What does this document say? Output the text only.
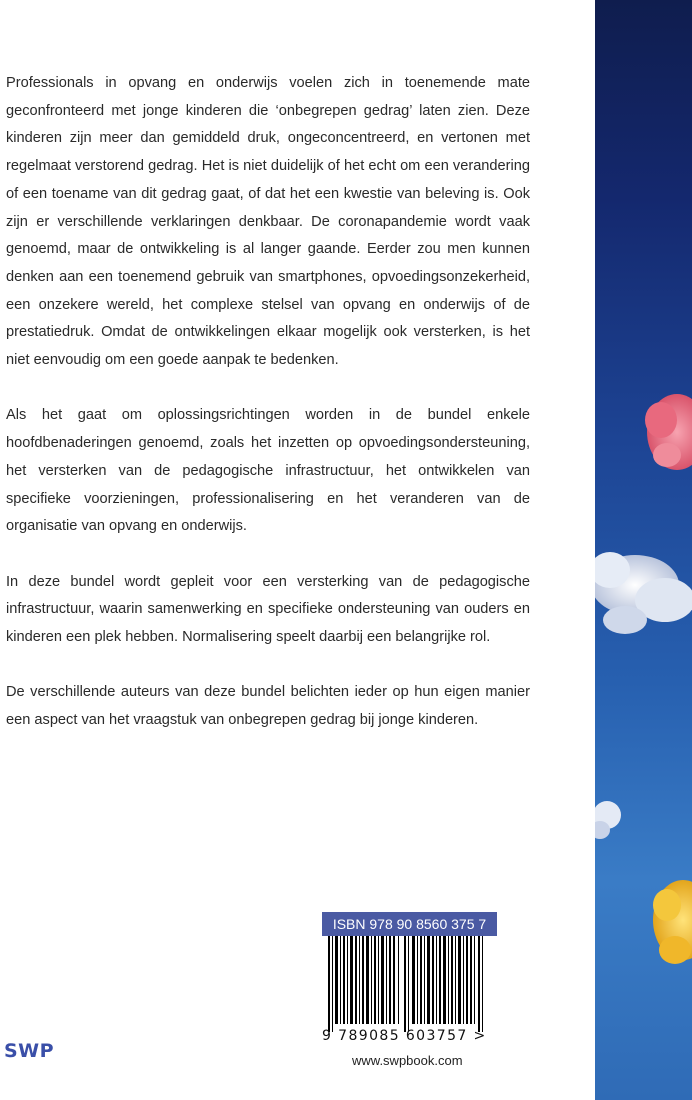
Professionals in opvang en onderwijs voelen zich in toenemende mate geconfronteerd met jonge kinderen die ‘onbegrepen gedrag’ laten zien. Deze kinderen zijn meer dan gemiddeld druk, ongeconcentreerd, en vertonen met regelmaat verstorend gedrag. Het is niet duidelijk of het echt om een verandering of een toename van dit gedrag gaat, of dat het een kwestie van beleving is. Ook zijn er verschillende verklaringen denkbaar. De coronapandemie wordt vaak genoemd, maar de ontwikkeling is al langer gaande. Eerder zou men kunnen denken aan een toenemend gebruik van smartphones, opvoedingsonzekerheid, een onzekere wereld, het complexe stelsel van opvang en onderwijs of de prestatiedruk. Omdat de ontwikkelingen elkaar mogelijk ook versterken, is het niet eenvoudig om een goede aanpak te bedenken.

Als het gaat om oplossingsrichtingen worden in de bundel enkele hoofdbenaderingen genoemd, zoals het inzetten op opvoedingsondersteuning, het versterken van de pedagogische infrastructuur, het ontwikkelen van specifieke voorzieningen, professionalisering en het veranderen van de organisatie van opvang en onderwijs.

In deze bundel wordt gepleit voor een versterking van de pedagogische infrastructuur, waarin samenwerking en specifieke ondersteuning van ouders en kinderen een plek hebben. Normalisering speelt daarbij een belangrijke rol.

De verschillende auteurs van deze bundel belichten ieder op hun eigen manier een aspect van het vraagstuk van onbegrepen gedrag bij jonge kinderen.

ISBN 978 90 8560 375 7
9 789085 603757 >
www.swpbook.com
SWP
